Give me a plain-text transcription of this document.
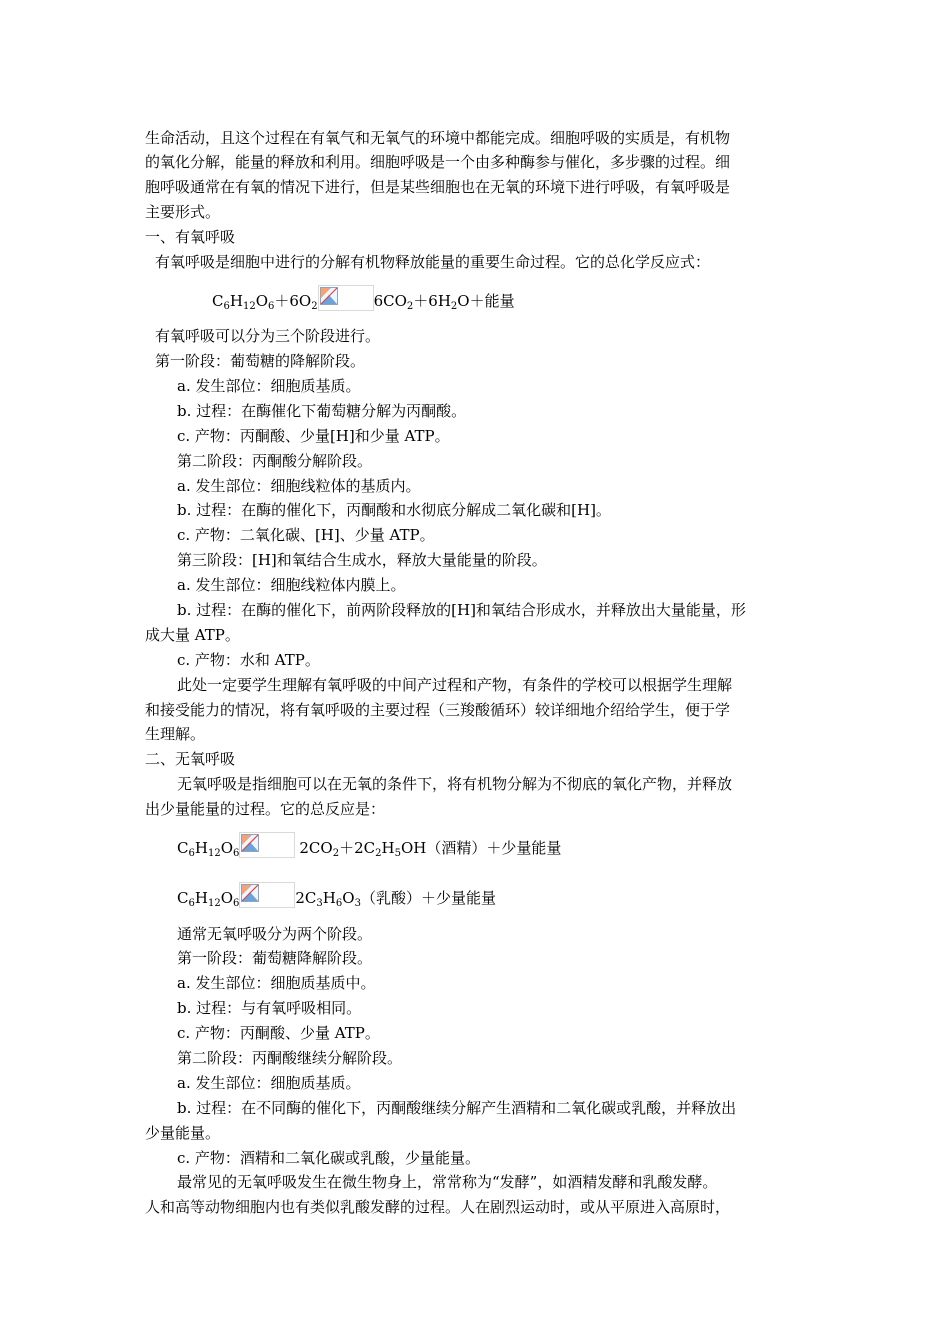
生命活动，且这个过程在有氧气和无氧气的环境中都能完成。细胞呼吸的实质是，有机物
的氧化分解，能量的释放和利用。细胞呼吸是一个由多种酶参与催化，多步骤的过程。细
胞呼吸通常在有氧的情况下进行，但是某些细胞也在无氧的环境下进行呼吸，有氧呼吸是
主要形式。
一、有氧呼吸
有氧呼吸是细胞中进行的分解有机物释放能量的重要生命过程。它的总化学反应式：
$C_6H_{12}O_6+6O_2$	$6CO_2+6H_2O+$能量
有氧呼吸可以分为三个阶段进行。
第一阶段：葡萄糖的降解阶段。
a. 发生部位：细胞质基质。
b. 过程：在酶催化下葡萄糖分解为丙酮酸。
c. 产物：丙酮酸、少量[H]和少量 ATP。
第二阶段：丙酮酸分解阶段。
a. 发生部位：细胞线粒体的基质内。
b. 过程：在酶的催化下，丙酮酸和水彻底分解成二氧化碳和[H]。
c. 产物：二氧化碳、[H]、少量 ATP。
第三阶段：[H]和氧结合生成水，释放大量能量的阶段。
a. 发生部位：细胞线粒体内膜上。
b. 过程：在酶的催化下，前两阶段释放的[H]和氧结合形成水，并释放出大量能量，形
成大量 ATP。
c. 产物：水和 ATP。
此处一定要学生理解有氧呼吸的中间产过程和产物，有条件的学校可以根据学生理解
和接受能力的情况，将有氧呼吸的主要过程（三羧酸循环）较详细地介绍给学生，便于学
生理解。
二、无氧呼吸
无氧呼吸是指细胞可以在无氧的条件下，将有机物分解为不彻底的氧化产物，并释放
出少量能量的过程。它的总反应是：
$C_6H_{12}O_6$	$2CO_2+2C_2H_5OH$（酒精）＋少量能量
$C_6H_{12}O_6$	$2C_3H_6O_3$（乳酸）＋少量能量
通常无氧呼吸分为两个阶段。
第一阶段：葡萄糖降解阶段。
a. 发生部位：细胞质基质中。
b. 过程：与有氧呼吸相同。
c. 产物：丙酮酸、少量 ATP。
第二阶段：丙酮酸继续分解阶段。
a. 发生部位：细胞质基质。
b. 过程：在不同酶的催化下，丙酮酸继续分解产生酒精和二氧化碳或乳酸，并释放出
少量能量。
c. 产物：酒精和二氧化碳或乳酸，少量能量。
最常见的无氧呼吸发生在微生物身上，常常称为“发酵”，如酒精发酵和乳酸发酵。
人和高等动物细胞内也有类似乳酸发酵的过程。人在剧烈运动时，或从平原进入高原时，
